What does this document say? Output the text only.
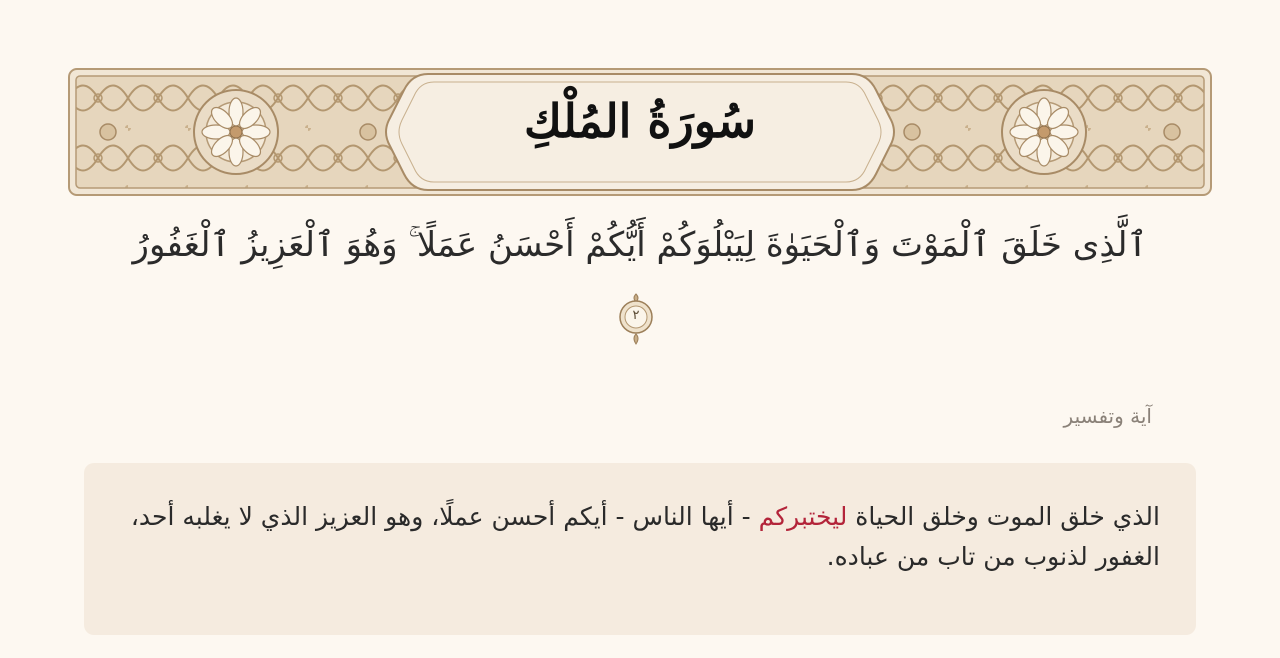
سُورَةُ المُلْكِ
ٱلَّذِى خَلَقَ ٱلْمَوْتَ وَٱلْحَيَوٰةَ لِيَبْلُوَكُمْ أَيُّكُمْ أَحْسَنُ عَمَلًا ۚ وَهُوَ ٱلْعَزِيزُ ٱلْغَفُورُ
٢
آية وتفسير
الذي خلق الموت وخلق الحياة ليختبركم - أيها الناس - أيكم أحسن عملًا، وهو العزيز الذي لا يغلبه أحد، الغفور لذنوب من تاب من عباده.
